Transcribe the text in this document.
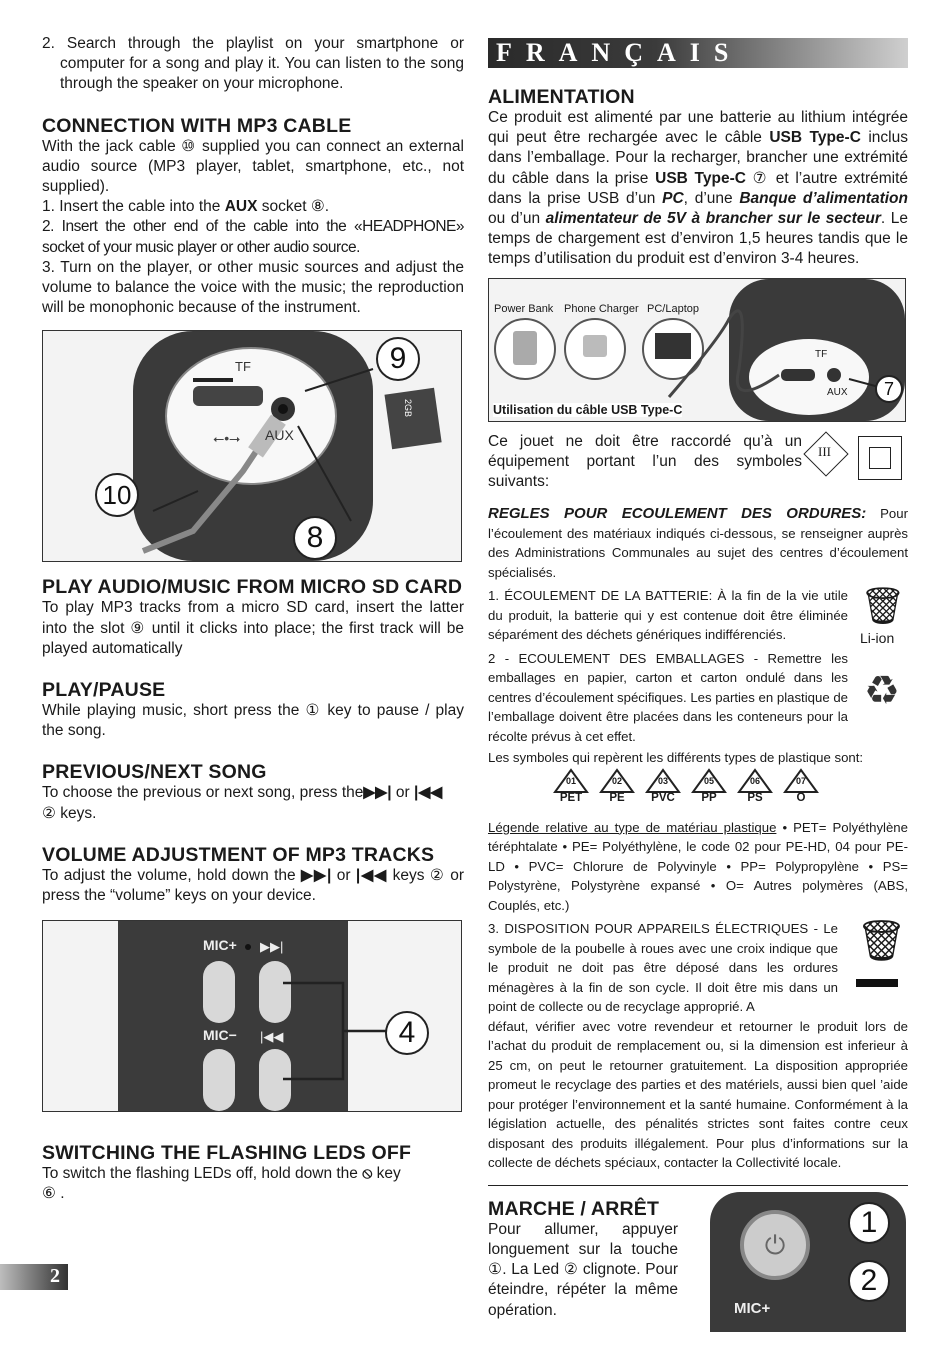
2. Search through the playlist on your smartphone or computer for a song and play it. You can listen to the song through the speaker on your microphone.

CONNECTION WITH MP3 CABLE

With the jack cable ⑩ supplied you can connect an external audio source (MP3 player, tablet, smartphone, etc., not supplied).

1. Insert the cable into the AUX socket ⑧.

2. Insert the other end of the cable into the «HEADPHONE» socket of your music player or other audio source.

3. Turn on the player, or other music sources and adjust the volume to balance the voice with the music; the reproduction will be monophonic because of the instrument.

⭠•⭢
TF
AUX
2GB
9
10
8
PLAY AUDIO/MUSIC FROM MICRO SD CARD

To play MP3 tracks from a micro SD card, insert the latter into the slot ⑨ until it clicks into place; the first track will be played automatically

PLAY/PAUSE

While playing music, short press the ① key to pause / play the song.

PREVIOUS/NEXT SONG

To choose the previous or next song, press the▶▶| or |◀◀
② keys.

VOLUME ADJUSTMENT OF MP3 TRACKS

To adjust the volume, hold down the ▶▶| or |◀◀ keys ② or press the “volume” keys on your device.

▶▶|
|◀◀
MIC+
MIC−	4
SWITCHING THE FLASHING LEDS OFF

To switch the flashing LEDs off, hold down the ⦸ key
⑥ .

FRANÇAIS
ALIMENTATION

Ce produit est alimenté par une batterie au lithium intégrée qui peut être rechargée avec le câble USB Type-C inclus dans l’emballage. Pour la recharger, brancher une extrémité du câble dans la prise USB Type-C ⑦ et l’autre extrémité dans la prise USB d’un PC, d’une Banque d’alimentation ou d’un alimentateur de 5V à brancher sur le secteur. Le temps de chargement est d’environ 1,5 heures tandis que le temps d’utilisation du produit est d’environ 3-4 heures.

Power Bank Phone Charger PC/Laptop
Utilisation du câble USB Type-C
TF
AUX	7

Ce jouet ne doit être raccordé qu’à un équipement portant l’un des symboles suivants:

III

REGLES POUR ECOULEMENT DES ORDURES: Pour l’écoulement des matériaux indiqués ci-dessous, se renseigner auprès des Administrations Communales au sujet des centres d’écoulement spécialisés.

1. ÉCOULEMENT DE LA BATTERIE: À la fin de la vie utile du produit, la batterie qui y est contenue doit être éliminée séparément des déchets génériques indifférenciés.

🗑
Li-ion

2 - ECOULEMENT DES EMBALLAGES - Remettre les emballages en papier, carton et carton ondulé dans les centres d’écoulement spécifiques. Les parties en plastique de l’emballage doivent être placées dans les conteneurs pour la récolte prévus à cet effet.

♻

Les symboles qui repèrent les différents types de plastique sont:

01
PET
02
PE
03
PVC
05
PP
06
PS
07
O

Légende relative au type de matériau plastique • PET= Polyéthylène téréphtalate • PE= Polyéthylène, le code 02 pour PE-HD, 04 pour PE-LD • PVC= Chlorure de Polyvinyle • PP= Polypropylène • PS= Polystyrène, Polystyrène expansé • O= Autres polymères (ABS, Couplés, etc.)

3. DISPOSITION POUR APPAREILS ÉLECTRIQUES - Le symbole de la poubelle à roues avec une croix indique que le produit ne doit pas être déposé dans les ordures ménagères à la fin de son cycle. Il doit être mis dans un point de collecte ou de recyclage approprié. A

🗑

défaut, vérifier avec votre revendeur et retourner le produit lors de l’achat du produit de remplacement ou, si la dimension est inferieur à 25 cm, on peut le retourner gratuitement. La disposition appropriée promeut le recyclage des parties et des matériels, aussi bien quel ’aide pour protéger l’environnement et la santé humaine. Conformément à la législation actuelle, des pénalités strictes sont faites contre ceux disposant des produits illégalement. Pour plus d’informations sur la collecte de déchets spéciaux, contacter la Collectivité locale.

MARCHE / ARRÊT

Pour allumer, appuyer longuement sur la touche ①. La Led ② clignote. Pour éteindre, répéter la même opération.

⏻
MIC+
1
2
2
